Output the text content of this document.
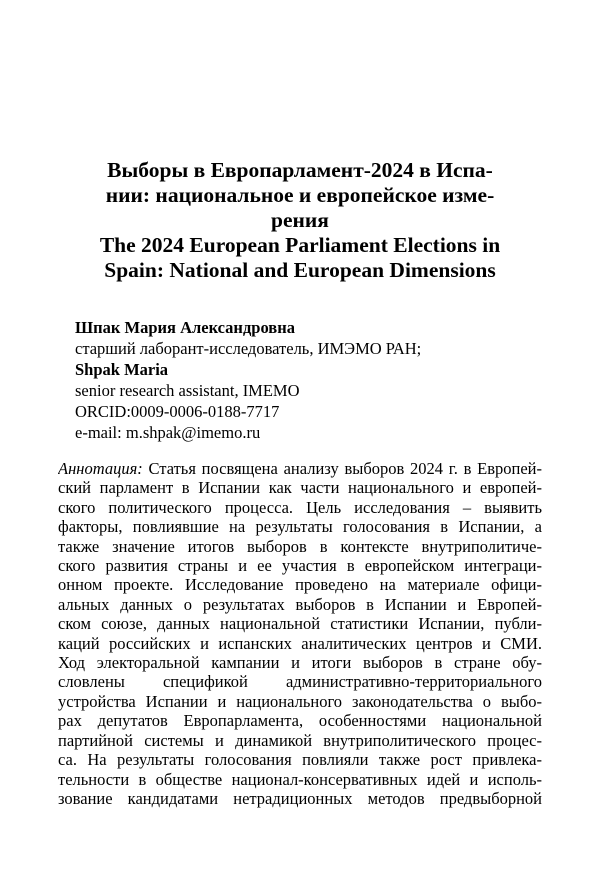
Выборы в Европарламент-2024 в Испа-
нии: национальное и европейское изме-
рения
The 2024 European Parliament Elections in
Spain: National and European Dimensions
Шпак Мария Александровна
старший лаборант-исследователь, ИМЭМО РАН;
Shpak Maria
senior research assistant, IMEMO
ORCID:0009-0006-0188-7717
e-mail: m.shpak@imemo.ru
Аннотация: Статья посвящена анализу выборов 2024 г. в Европей-
ский парламент в Испании как части национального и европей-
ского политического процесса. Цель исследования – выявить
факторы, повлиявшие на результаты голосования в Испании, а
также значение итогов выборов в контексте внутриполитиче-
ского развития страны и ее участия в европейском интеграци-
онном проекте. Исследование проведено на материале офици-
альных данных о результатах выборов в Испании и Европей-
ском союзе, данных национальной статистики Испании, публи-
каций российских и испанских аналитических центров и СМИ.
Ход электоральной кампании и итоги выборов в стране обу-
словлены спецификой административно-территориального
устройства Испании и национального законодательства о выбо-
рах депутатов Европарламента, особенностями национальной
партийной системы и динамикой внутриполитического процес-
са. На результаты голосования повлияли также рост привлека-
тельности в обществе национал-консервативных идей и исполь-
зование кандидатами нетрадиционных методов предвыборной
